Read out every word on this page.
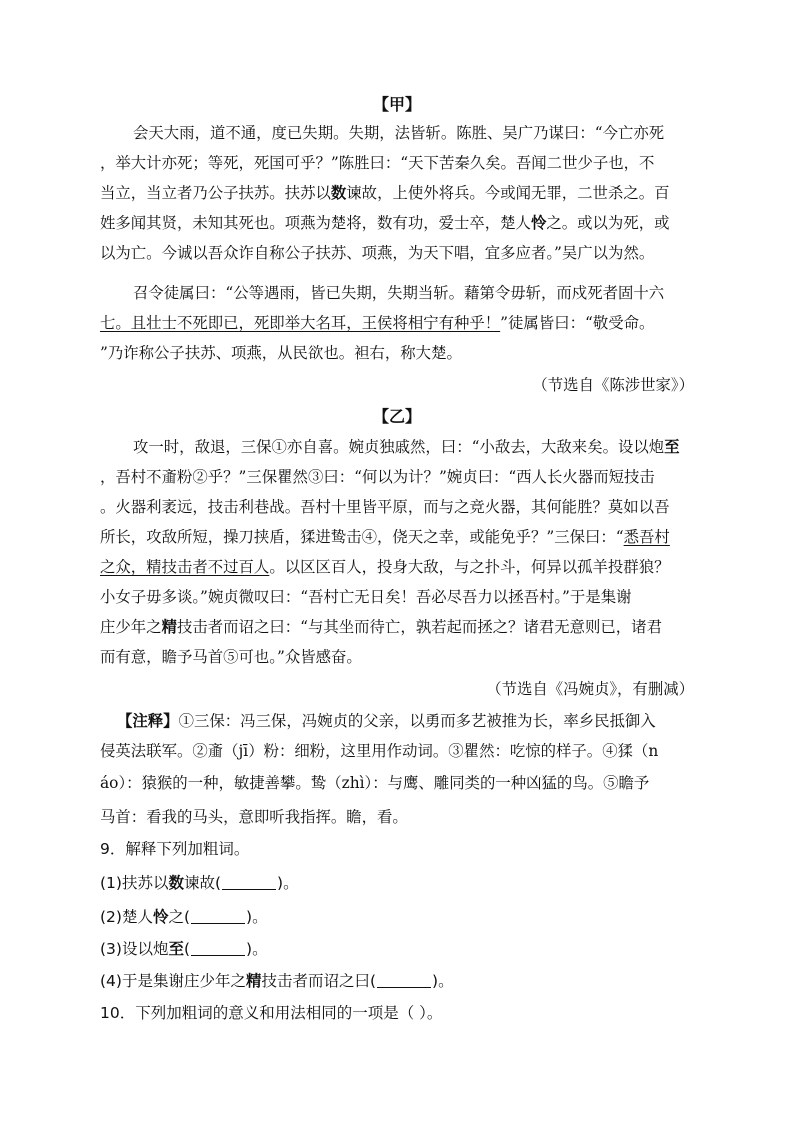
【甲】
会天大雨，道不通，度已失期。失期，法皆斩。陈胜、吴广乃谋曰：“今亡亦死
，举大计亦死；等死，死国可乎？”陈胜曰：“天下苦秦久矣。吾闻二世少子也，不
当立，当立者乃公子扶苏。扶苏以数谏故，上使外将兵。今或闻无罪，二世杀之。百
姓多闻其贤，未知其死也。项燕为楚将，数有功，爱士卒，楚人怜之。或以为死，或
以为亡。今诚以吾众诈自称公子扶苏、项燕，为天下唱，宜多应者。”吴广以为然。
召令徒属曰：“公等遇雨，皆已失期，失期当斩。藉第令毋斩，而戍死者固十六
七。且壮士不死即已，死即举大名耳，王侯将相宁有种乎！”徒属皆曰：“敬受命。
”乃诈称公子扶苏、项燕，从民欲也。袒右，称大楚。
（节选自《陈涉世家》）
【乙】
攻一时，敌退，三保①亦自喜。婉贞独戚然，曰：“小敌去，大敌来矣。设以炮至
，吾村不齑粉②乎？”三保瞿然③曰：“何以为计？”婉贞曰：“西人长火器而短技击
。火器利袤远，技击利巷战。吾村十里皆平原，而与之竞火器，其何能胜？莫如以吾
所长，攻敌所短，操刀挟盾，猱进鸷击④，侥天之幸，或能免乎？”三保曰：“悉吾村
之众，精技击者不过百人。以区区百人，投身大敌，与之扑斗，何异以孤羊投群狼？
小女子毋多谈。”婉贞微叹曰：“吾村亡无日矣！吾必尽吾力以拯吾村。”于是集谢
庄少年之精技击者而诏之曰：“与其坐而待亡，孰若起而拯之？诸君无意则已，诸君
而有意，瞻予马首⑤可也。”众皆感奋。
（节选自《冯婉贞》，有删减）
【注释】①三保：冯三保，冯婉贞的父亲，以勇而多艺被推为长，率乡民抵御入
侵英法联军。②齑（jī）粉：细粉，这里用作动词。③瞿然：吃惊的样子。④猱（n
áo）：猿猴的一种，敏捷善攀。鸷（zhì）：与鹰、雕同类的一种凶猛的鸟。⑤瞻予
马首：看我的马头，意即听我指挥。瞻，看。
9．解释下列加粗词。
(1)扶苏以数谏故(	)。
(2)楚人怜之(	)。
(3)设以炮至(	)。
(4)于是集谢庄少年之精技击者而诏之曰(	)。
10．下列加粗词的意义和用法相同的一项是（ ）。
